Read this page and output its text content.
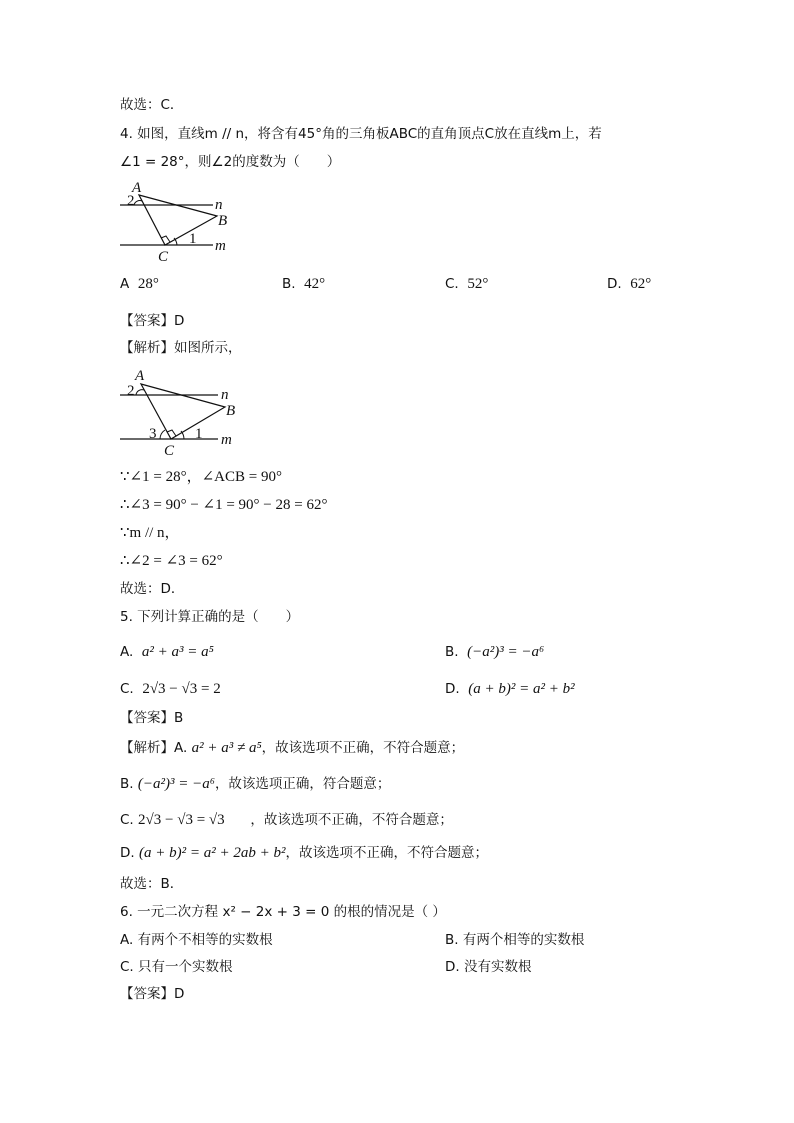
故选：C．
4. 如图，直线m // n，将含有45°角的三角板ABC的直角顶点C放在直线m上，若
∠1 = 28°，则∠2的度数为（　　）
A
B
C
n
m
1
2
A 28°	B. 42°	C. 52°	D. 62°
【答案】D
【解析】如图所示，
A
B
C
n
m
1
2
3
∵∠1 = 28°，∠ACB = 90°
∴∠3 = 90° − ∠1 = 90° − 28 = 62°
∵m // n，
∴∠2 = ∠3 = 62°
故选：D．
5. 下列计算正确的是（　　）
A. a² + a³ = a⁵	B. (−a²)³ = −a⁶
C. 2√3 − √3 = 2	D. (a + b)² = a² + b²
【答案】B
【解析】A. a² + a³ ≠ a⁵，故该选项不正确，不符合题意；
B. (−a²)³ = −a⁶，故该选项正确，符合题意；
C. 2√3 − √3 = √3 ，故该选项不正确，不符合题意；
D. (a + b)² = a² + 2ab + b²，故该选项不正确，不符合题意；
故选：B．
6. 一元二次方程 x² − 2x + 3 = 0 的根的情况是（ ）
A. 有两个不相等的实数根	B. 有两个相等的实数根
C. 只有一个实数根	D. 没有实数根
【答案】D
